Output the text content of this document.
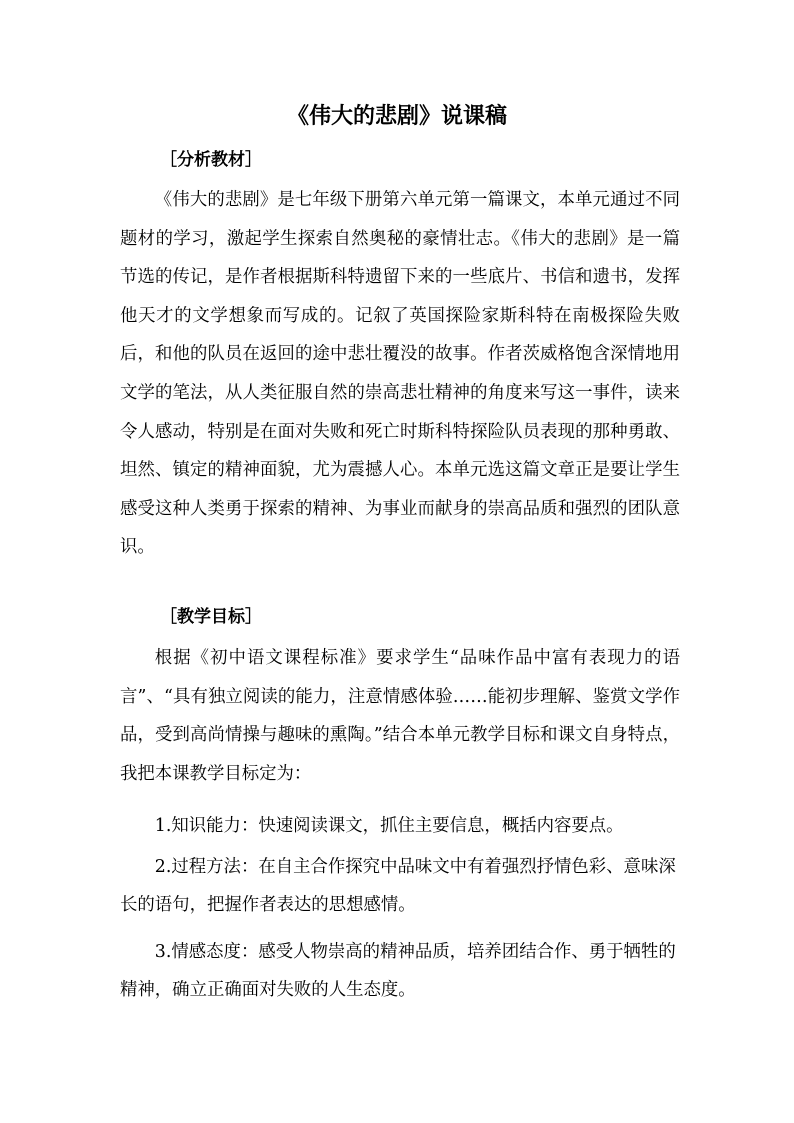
《伟大的悲剧》说课稿

［分析教材］

《伟大的悲剧》是七年级下册第六单元第一篇课文，本单元通过不同题材的学习，激起学生探索自然奥秘的豪情壮志。《伟大的悲剧》是一篇节选的传记，是作者根据斯科特遗留下来的一些底片、书信和遗书，发挥他天才的文学想象而写成的。记叙了英国探险家斯科特在南极探险失败后，和他的队员在返回的途中悲壮覆没的故事。作者茨威格饱含深情地用文学的笔法，从人类征服自然的崇高悲壮精神的角度来写这一事件，读来令人感动，特别是在面对失败和死亡时斯科特探险队员表现的那种勇敢、坦然、镇定的精神面貌，尤为震撼人心。本单元选这篇文章正是要让学生感受这种人类勇于探索的精神、为事业而献身的崇高品质和强烈的团队意识。

［教学目标］

根据《初中语文课程标准》要求学生“品味作品中富有表现力的语言”、“具有独立阅读的能力，注意情感体验……能初步理解、鉴赏文学作品，受到高尚情操与趣味的熏陶。”结合本单元教学目标和课文自身特点，我把本课教学目标定为：

1.知识能力：快速阅读课文，抓住主要信息，概括内容要点。

2.过程方法：在自主合作探究中品味文中有着强烈抒情色彩、意味深长的语句，把握作者表达的思想感情。

3.情感态度：感受人物崇高的精神品质，培养团结合作、勇于牺牲的精神，确立正确面对失败的人生态度。
